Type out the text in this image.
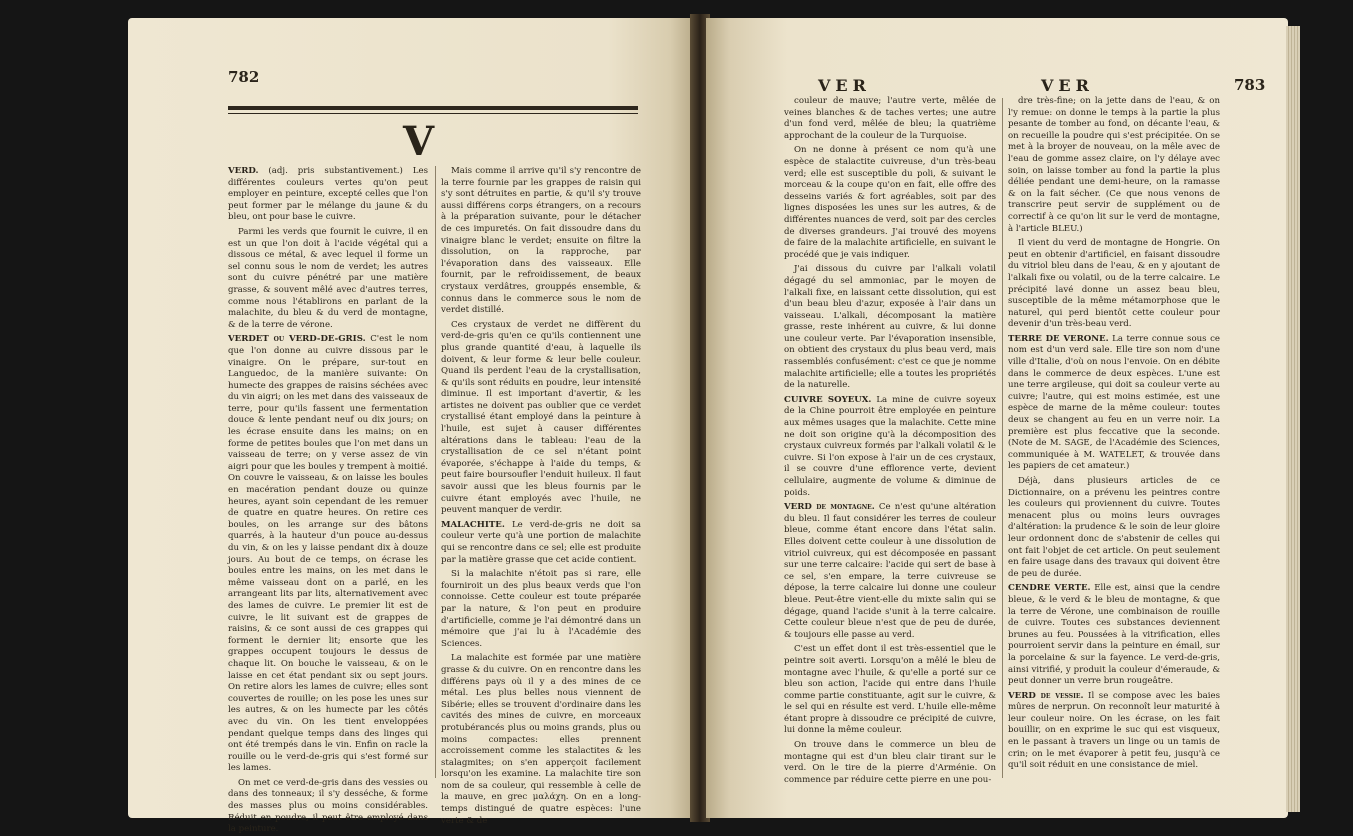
782
V

VERD. (adj. pris substantivement.) Les différentes couleurs vertes qu'on peut employer en peinture, excepté celles que l'on peut former par le mélange du jaune & du bleu, ont pour base le cuivre.

Parmi les verds que fournit le cuivre, il en est un que l'on doit à l'acide végétal qui a dissous ce métal, & avec lequel il forme un sel connu sous le nom de verdet; les autres sont du cuivre pénétré par une matière grasse, & souvent mêlé avec d'autres terres, comme nous l'établirons en parlant de la malachite, du bleu & du verd de montagne, & de la terre de vérone.

VERDET ou VERD-DE-GRIS. C'est le nom que l'on donne au cuivre dissous par le vinaigre. On le prépare, sur-tout en Languedoc, de la manière suivante: On humecte des grappes de raisins séchées avec du vin aigri; on les met dans des vaisseaux de terre, pour qu'ils fassent une fermentation douce & lente pendant neuf ou dix jours; on les écrase ensuite dans les mains; on en forme de petites boules que l'on met dans un vaisseau de terre; on y verse assez de vin aigri pour que les boules y trempent à moitié. On couvre le vaisseau, & on laisse les boules en macération pendant douze ou quinze heures, ayant soin cependant de les remuer de quatre en quatre heures. On retire ces boules, on les arrange sur des bâtons quarrés, à la hauteur d'un pouce au-dessus du vin, & on les y laisse pendant dix à douze jours. Au bout de ce temps, on écrase les boules entre les mains, on les met dans le même vaisseau dont on a parlé, en les arrangeant lits par lits, alternativement avec des lames de cuivre. Le premier lit est de cuivre, le lit suivant est de grappes de raisins, & ce sont aussi de ces grappes qui forment le dernier lit; ensorte que les grappes occupent toujours le dessus de chaque lit. On bouche le vaisseau, & on le laisse en cet état pendant six ou sept jours. On retire alors les lames de cuivre; elles sont couvertes de rouille; on les pose les unes sur les autres, & on les humecte par les côtés avec du vin. On les tient enveloppées pendant quelque temps dans des linges qui ont été trempés dans le vin. Enfin on racle la rouille ou le verd-de-gris qui s'est formé sur les lames.

On met ce verd-de-gris dans des vessies ou dans des tonneaux; il s'y desséche, & forme des masses plus ou moins considérables. Réduit en poudre, il peut être employé dans la peinture.

Mais comme il arrive qu'il s'y rencontre de la terre fournie par les grappes de raisin qui s'y sont détruites en partie, & qu'il s'y trouve aussi différens corps étrangers, on a recours à la préparation suivante, pour le détacher de ces impuretés. On fait dissoudre dans du vinaigre blanc le verdet; ensuite on filtre la dissolution, on la rapproche, par l'évaporation dans des vaisseaux. Elle fournit, par le refroidissement, de beaux crystaux verdâtres, grouppés ensemble, & connus dans le commerce sous le nom de verdet distillé.

Ces crystaux de verdet ne diffèrent du verd-de-gris qu'en ce qu'ils contiennent une plus grande quantité d'eau, à laquelle ils doivent, & leur forme & leur belle couleur. Quand ils perdent l'eau de la crystallisation, & qu'ils sont réduits en poudre, leur intensité diminue. Il est important d'avertir, & les artistes ne doivent pas oublier que ce verdet crystallisé étant employé dans la peinture à l'huile, est sujet à causer différentes altérations dans le tableau: l'eau de la crystallisation de ce sel n'étant point évaporée, s'échappe à l'aide du temps, & peut faire boursoufler l'enduit huileux. Il faut savoir aussi que les bleus fournis par le cuivre étant employés avec l'huile, ne peuvent manquer de verdir.

MALACHITE. Le verd-de-gris ne doit sa couleur verte qu'à une portion de malachite qui se rencontre dans ce sel; elle est produite par la matière grasse que cet acide contient.

Si la malachite n'étoit pas si rare, elle fourniroit un des plus beaux verds que l'on connoisse. Cette couleur est toute préparée par la nature, & l'on peut en produire d'artificielle, comme je l'ai démontré dans un mémoire que j'ai lu à l'Académie des Sciences.

La malachite est formée par une matière grasse & du cuivre. On en rencontre dans les différens pays où il y a des mines de ce métal. Les plus belles nous viennent de Sibérie; elles se trouvent d'ordinaire dans les cavités des mines de cuivre, en morceaux protubérancés plus ou moins grands, plus ou moins compactes: elles prennent accroissement comme les stalactites & les stalagmites; on s'en apperçoit facilement lorsqu'on les examine. La malachite tire son nom de sa couleur, qui ressemble à celle de la mauve, en grec μαλάχη. On en a long-temps distingué de quatre espèces: l'une verte & de

VER	VER	783

couleur de mauve; l'autre verte, mêlée de veines blanches & de taches vertes; une autre d'un fond verd, mêlée de bleu; la quatrième approchant de la couleur de la Turquoise.

On ne donne à présent ce nom qu'à une espèce de stalactite cuivreuse, d'un très-beau verd; elle est susceptible du poli, & suivant le morceau & la coupe qu'on en fait, elle offre des desseins variés & fort agréables, soit par des lignes disposées les unes sur les autres, & de différentes nuances de verd, soit par des cercles de diverses grandeurs. J'ai trouvé des moyens de faire de la malachite artificielle, en suivant le procédé que je vais indiquer.

J'ai dissous du cuivre par l'alkali volatil dégagé du sel ammoniac, par le moyen de l'alkali fixe, en laissant cette dissolution, qui est d'un beau bleu d'azur, exposée à l'air dans un vaisseau. L'alkali, décomposant la matière grasse, reste inhérent au cuivre, & lui donne une couleur verte. Par l'évaporation insensible, on obtient des crystaux du plus beau verd, mais rassemblés confusément: c'est ce que je nomme malachite artificielle; elle a toutes les propriétés de la naturelle.

CUIVRE SOYEUX. La mine de cuivre soyeux de la Chine pourroit être employée en peinture aux mêmes usages que la malachite. Cette mine ne doit son origine qu'à la décomposition des crystaux cuivreux formés par l'alkali volatil & le cuivre. Si l'on expose à l'air un de ces crystaux, il se couvre d'une efflorence verte, devient cellulaire, augmente de volume & diminue de poids.

VERD de montagne. Ce n'est qu'une altération du bleu. Il faut considérer les terres de couleur bleue, comme étant encore dans l'état salin. Elles doivent cette couleur à une dissolution de vitriol cuivreux, qui est décomposée en passant sur une terre calcaire: l'acide qui sert de base à ce sel, s'en empare, la terre cuivreuse se dépose, la terre calcaire lui donne une couleur bleue. Peut-être vient-elle du mixte salin qui se dégage, quand l'acide s'unit à la terre calcaire. Cette couleur bleue n'est que de peu de durée, & toujours elle passe au verd.

C'est un effet dont il est très-essentiel que le peintre soit averti. Lorsqu'on a mêlé le bleu de montagne avec l'huile, & qu'elle a porté sur ce bleu son action, l'acide qui entre dans l'huile comme partie constituante, agit sur le cuivre, & le sel qui en résulte est verd. L'huile elle-même étant propre à dissoudre ce précipité de cuivre, lui donne la même couleur.

On trouve dans le commerce un bleu de montagne qui est d'un bleu clair tirant sur le verd. On le tire de la pierre d'Arménie. On commence par réduire cette pierre en une pou-

dre très-fine; on la jette dans de l'eau, & on l'y remue: on donne le temps à la partie la plus pesante de tomber au fond, on décante l'eau, & on recueille la poudre qui s'est précipitée. On se met à la broyer de nouveau, on la mêle avec de l'eau de gomme assez claire, on l'y délaye avec soin, on laisse tomber au fond la partie la plus déliée pendant une demi-heure, on la ramasse & on la fait sécher. (Ce que nous venons de transcrire peut servir de supplément ou de correctif à ce qu'on lit sur le verd de montagne, à l'article BLEU.)

Il vient du verd de montagne de Hongrie. On peut en obtenir d'artificiel, en faisant dissoudre du vitriol bleu dans de l'eau, & en y ajoutant de l'alkali fixe ou volatil, ou de la terre calcaire. Le précipité lavé donne un assez beau bleu, susceptible de la même métamorphose que le naturel, qui perd bientôt cette couleur pour devenir d'un très-beau verd.

TERRE DE VERONE. La terre connue sous ce nom est d'un verd sale. Elle tire son nom d'une ville d'Italie, d'où on nous l'envoie. On en débite dans le commerce de deux espèces. L'une est une terre argileuse, qui doit sa couleur verte au cuivre; l'autre, qui est moins estimée, est une espèce de marne de la même couleur: toutes deux se changent au feu en un verre noir. La première est plus feccative que la seconde. (Note de M. SAGE, de l'Académie des Sciences, communiquée à M. WATELET, & trouvée dans les papiers de cet amateur.)

Déjà, dans plusieurs articles de ce Dictionnaire, on a prévenu les peintres contre les couleurs qui proviennent du cuivre. Toutes menacent plus ou moins leurs ouvrages d'altération: la prudence & le soin de leur gloire leur ordonnent donc de s'abstenir de celles qui ont fait l'objet de cet article. On peut seulement en faire usage dans des travaux qui doivent être de peu de durée.

CENDRE VERTE. Elle est, ainsi que la cendre bleue, & le verd & le bleu de montagne, & que la terre de Vérone, une combinaison de rouille de cuivre. Toutes ces substances deviennent brunes au feu. Poussées à la vitrification, elles pourroient servir dans la peinture en émail, sur la porcelaine & sur la fayence. Le verd-de-gris, ainsi vitrifié, y produit la couleur d'émeraude, & peut donner un verre brun rougeâtre.

VERD de vessie. Il se compose avec les baies mûres de nerprun. On reconnoît leur maturité à leur couleur noire. On les écrase, on les fait bouillir, on en exprime le suc qui est visqueux, en le passant à travers un linge ou un tamis de crin; on le met évaporer à petit feu, jusqu'à ce qu'il soit réduit en une consistance de miel.
